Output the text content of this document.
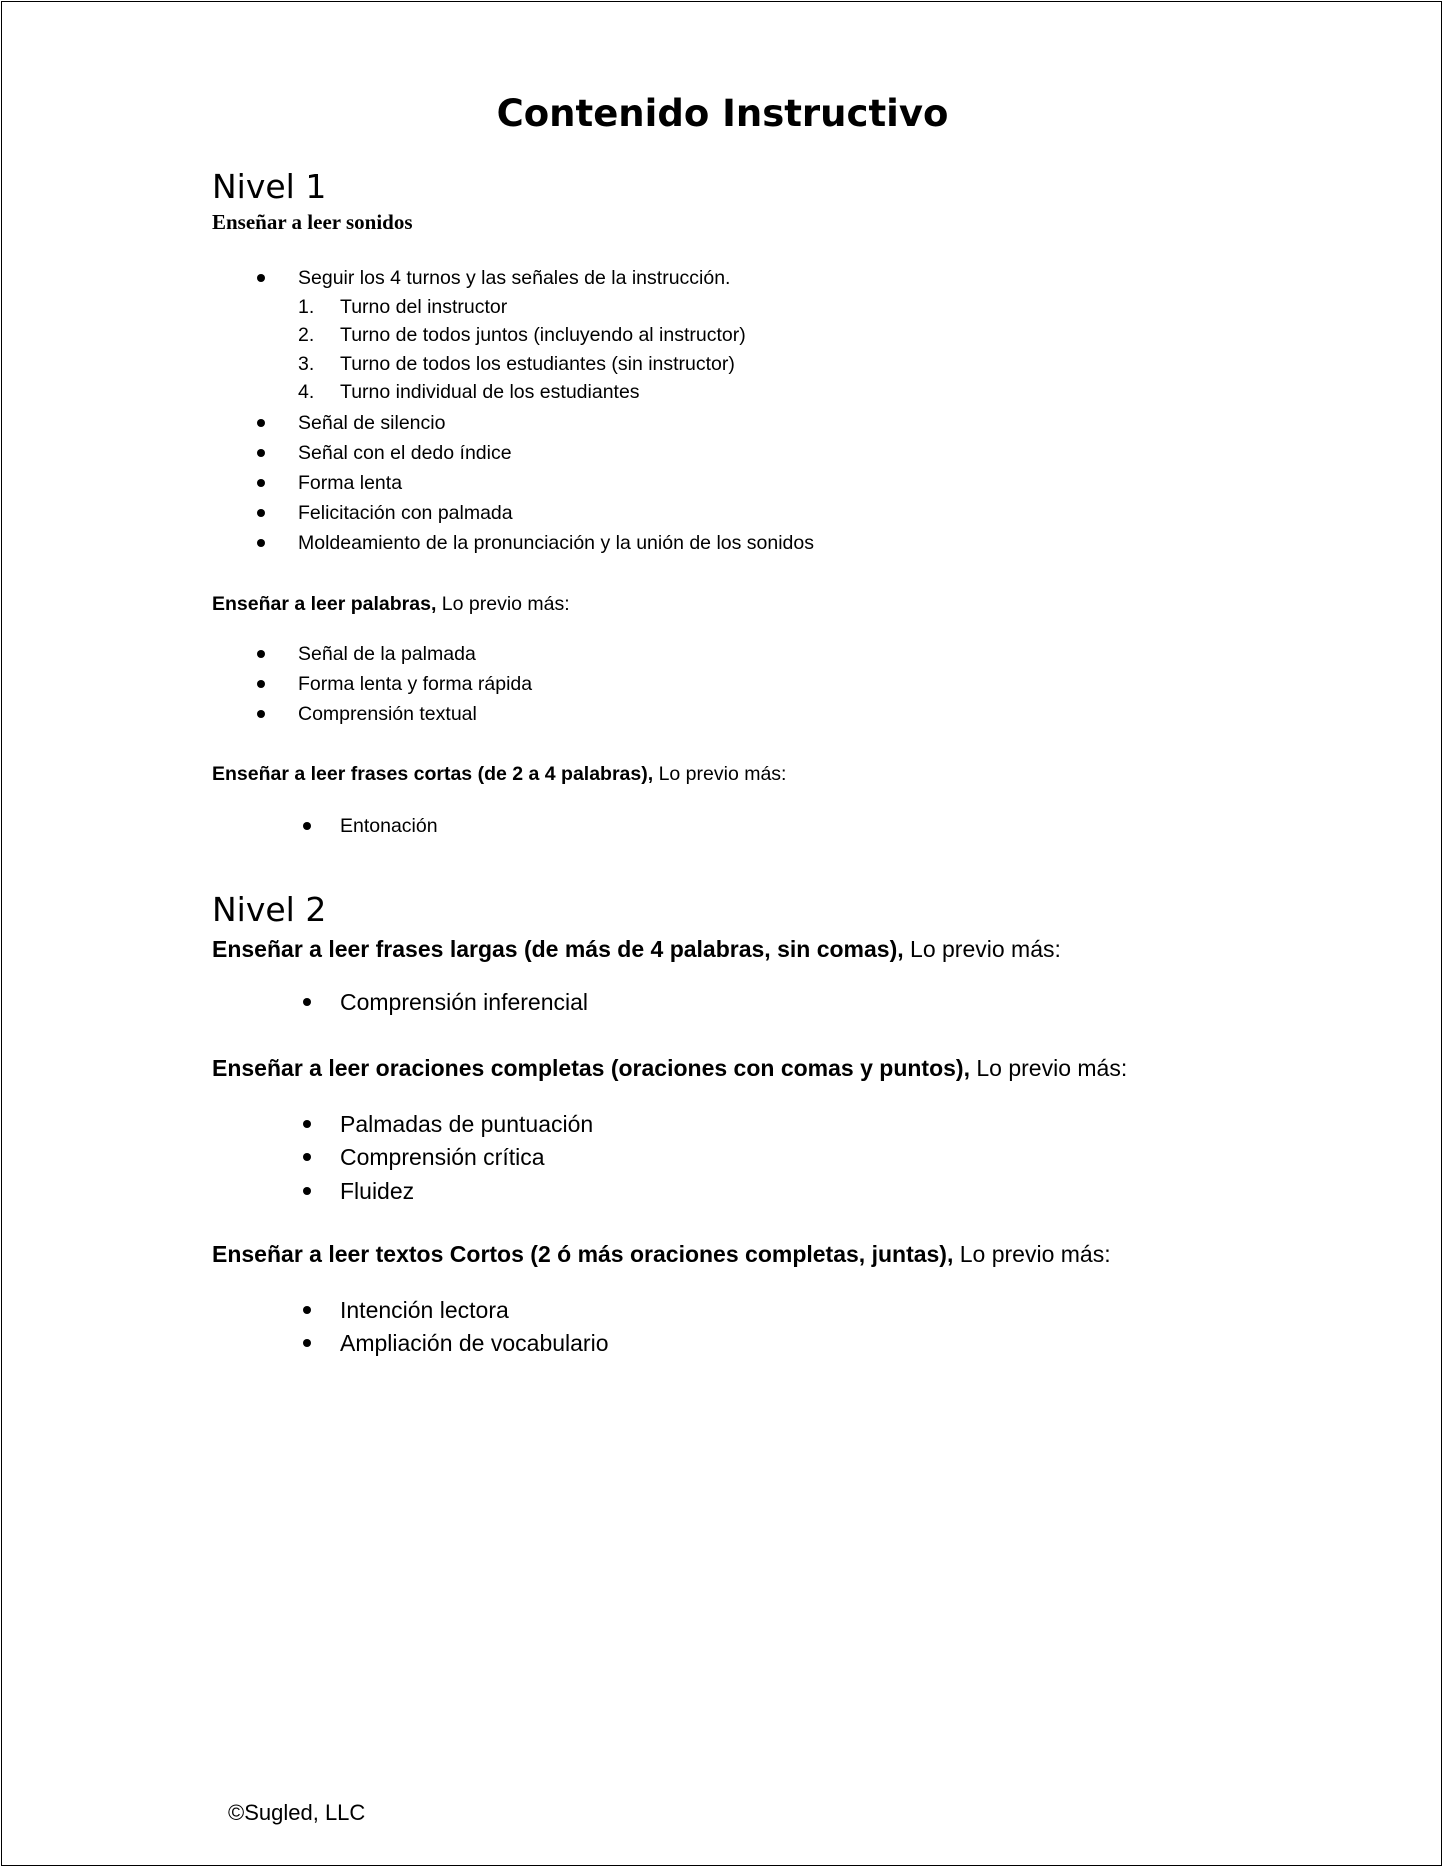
Contenido Instructivo
Nivel 1
Enseñar a leer sonidos
Seguir los 4 turnos y las señales de la instrucción.
1. Turno del instructor
2. Turno de todos juntos (incluyendo al instructor)
3. Turno de todos los estudiantes (sin instructor)
4. Turno individual de los estudiantes
Señal de silencio
Señal con el dedo índice
Forma lenta
Felicitación con palmada
Moldeamiento de la pronunciación y la unión de los sonidos

Enseñar a leer palabras, Lo previo más:

Señal de la palmada
Forma lenta y forma rápida
Comprensión textual

Enseñar a leer frases cortas (de 2 a 4 palabras), Lo previo más:

Entonación
Nivel 2

Enseñar a leer frases largas (de más de 4 palabras, sin comas), Lo previo más:

Comprensión inferencial

Enseñar a leer oraciones completas (oraciones con comas y puntos), Lo previo más:

Palmadas de puntuación
Comprensión crítica
Fluidez

Enseñar a leer textos Cortos (2 ó más oraciones completas, juntas), Lo previo más:

Intención lectora
Ampliación de vocabulario

©Sugled, LLC
